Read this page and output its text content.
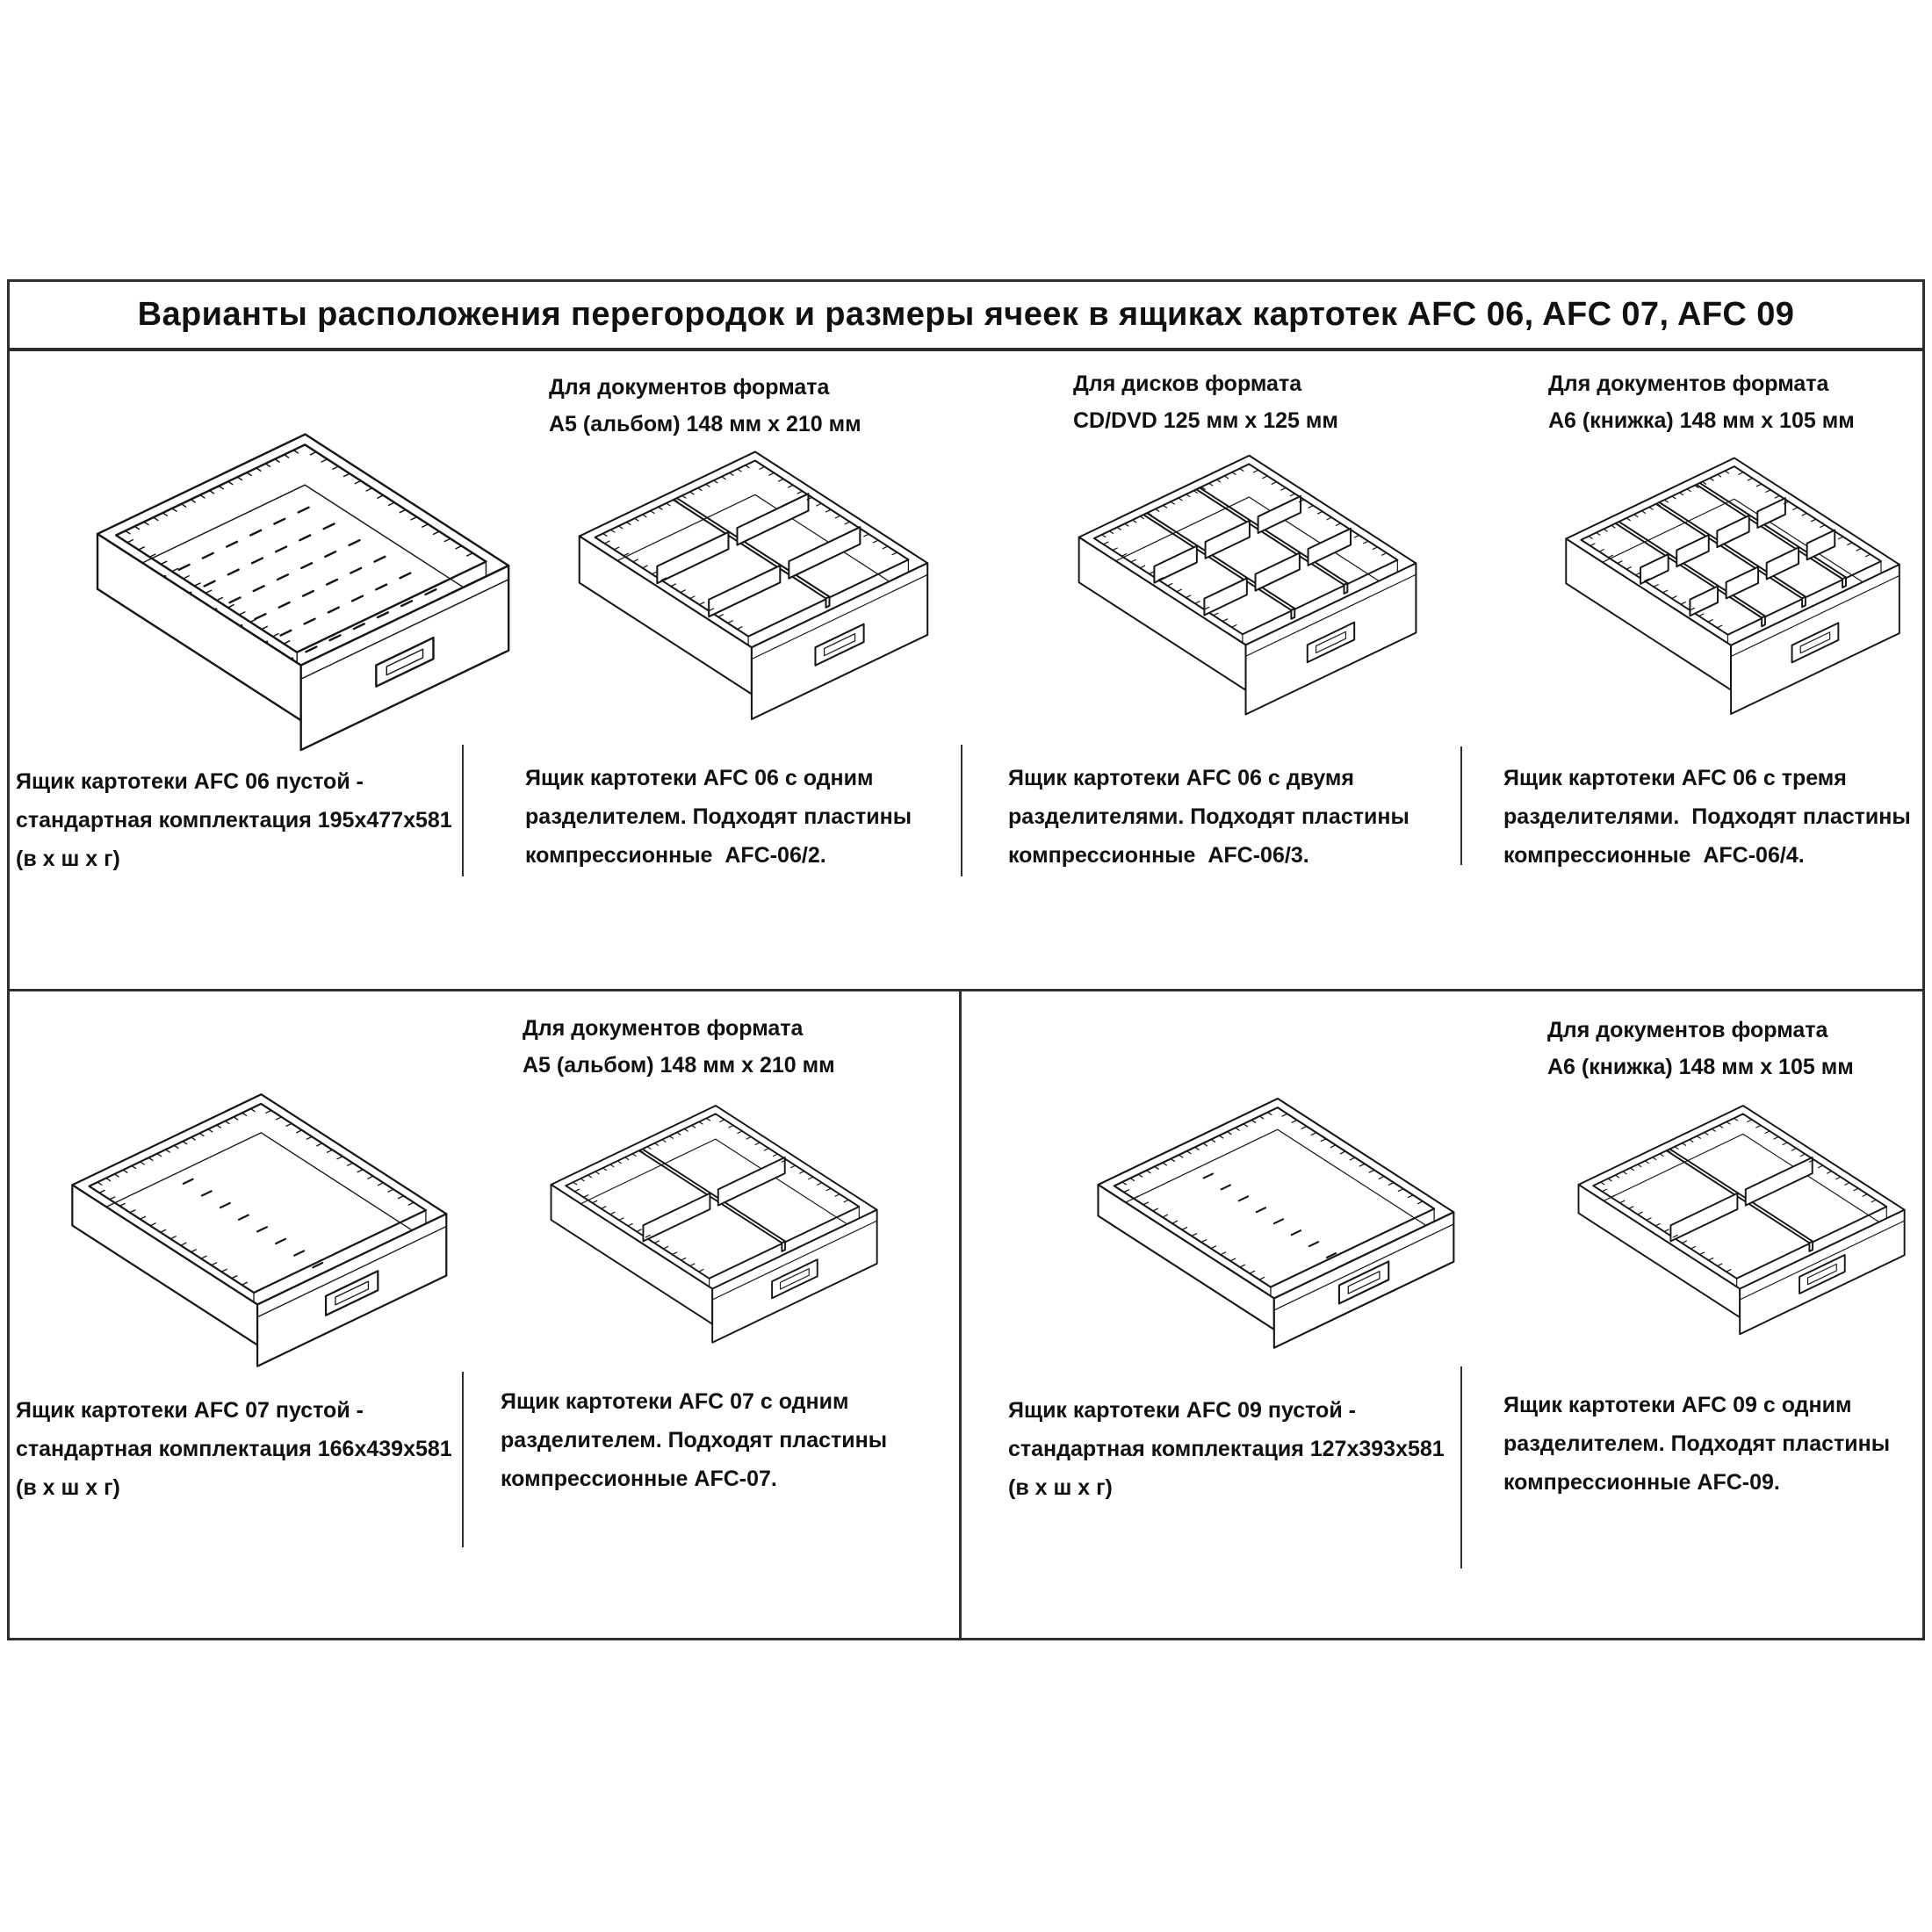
Варианты расположения перегородок и размеры ячеек в ящиках картотек AFC 06, AFC 07, AFC 09
Для документов формата
А5 (альбом) 148 мм х 210 мм
Для дисков формата
CD/DVD 125 мм х 125 мм
Для документов формата
А6 (книжка) 148 мм х 105 мм
Для документов формата
А5 (альбом) 148 мм х 210 мм
Для документов формата
А6 (книжка) 148 мм х 105 мм
Ящик картотеки AFC 06 пустой -
стандартная комплектация 195х477х581
(в х ш х г)
Ящик картотеки AFC 06 с одним
разделителем. Подходят пластины
компрессионные  AFC-06/2.
Ящик картотеки AFC 06 с двумя
разделителями. Подходят пластины
компрессионные  AFC-06/3.
Ящик картотеки AFC 06 с тремя
разделителями.  Подходят пластины
компрессионные  AFC-06/4.
Ящик картотеки AFC 07 пустой -
стандартная комплектация 166х439х581
(в х ш х г)
Ящик картотеки AFC 07 с одним
разделителем. Подходят пластины
компрессионные AFC-07.
Ящик картотеки AFC 09 пустой -
стандартная комплектация 127х393х581
(в х ш х г)
Ящик картотеки AFC 09 с одним
разделителем. Подходят пластины
компрессионные AFC-09.
